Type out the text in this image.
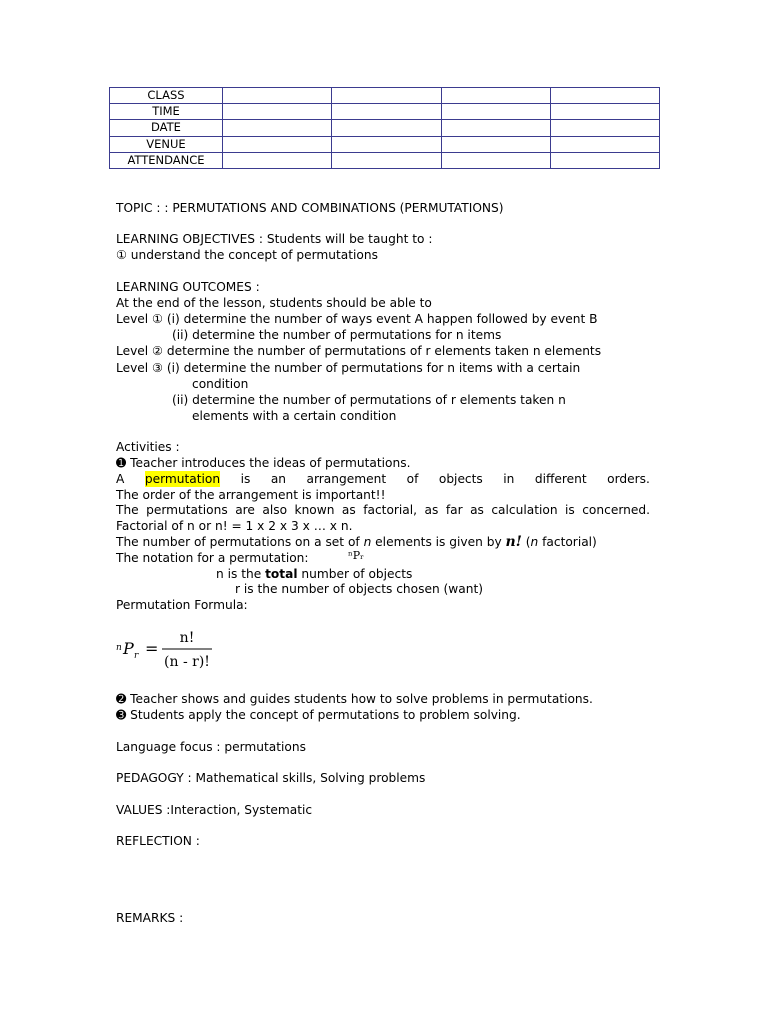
CLASS				
TIME				
DATE				
VENUE				
ATTENDANCE				
TOPIC : : PERMUTATIONS AND COMBINATIONS (PERMUTATIONS)
LEARNING OBJECTIVES : Students will be taught to :
① understand the concept of permutations
LEARNING OUTCOMES :
At the end of the lesson, students should be able to
Level ① (i) determine the number of ways event A happen followed by event B
(ii) determine the number of permutations for n items
Level ② determine the number of permutations of r elements taken n elements
Level ③ (i) determine the number of permutations for n items with a certain
condition
(ii) determine the number of permutations of r elements taken n
elements with a certain condition
Activities :
➊ Teacher introduces the ideas of permutations.
A permutation is an arrangement of objects in different orders.
The order of the arrangement is important!!
The permutations are also known as factorial, as far as calculation is concerned.
Factorial of n or n! = 1 x 2 x 3 x … x n.
The number of permutations on a set of n elements is given by n! (n factorial)
The notation for a permutation:	ⁿPᵣ
n is the total number of objects
r is the number of objects chosen (want)
Permutation Formula:
n P r =
n!
(n - r)!
➋ Teacher shows and guides students how to solve problems in permutations.
➌ Students apply the concept of permutations to problem solving.
Language focus : permutations
PEDAGOGY : Mathematical skills, Solving problems
VALUES :Interaction, Systematic
REFLECTION :
REMARKS :
